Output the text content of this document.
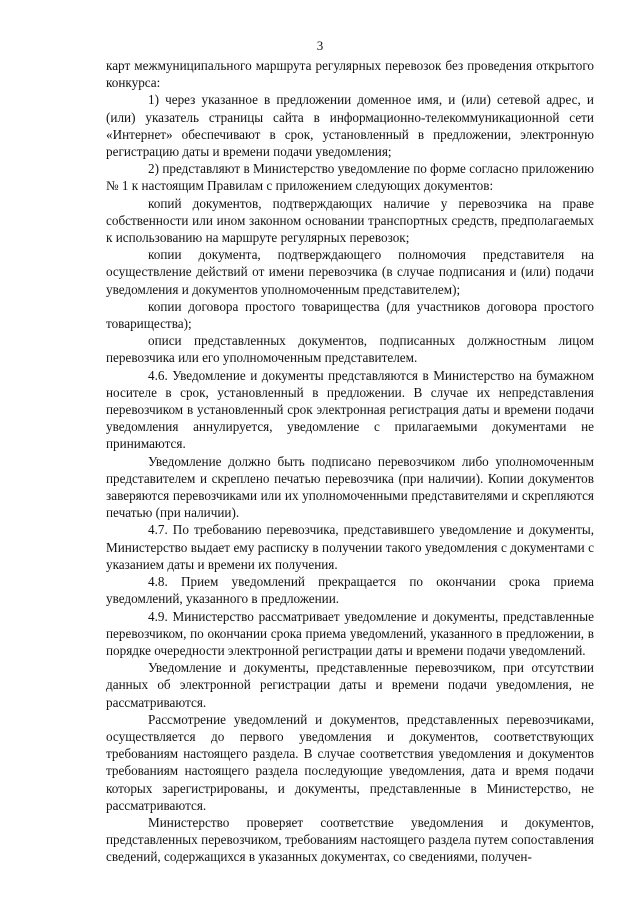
3

карт межмуниципального маршрута регулярных перевозок без проведения открытого конкурса:

1) через указанное в предложении доменное имя, и (или) сетевой адрес, и (или) указатель страницы сайта в информационно-телекоммуникационной сети «Интернет» обеспечивают в срок, установленный в предложении, электронную регистрацию даты и времени подачи уведомления;

2) представляют в Министерство уведомление по форме согласно приложению № 1 к настоящим Правилам с приложением следующих документов:

копий документов, подтверждающих наличие у перевозчика на праве собственности или ином законном основании транспортных средств, предполагаемых к использованию на маршруте регулярных перевозок;

копии документа, подтверждающего полномочия представителя на осуществление действий от имени перевозчика (в случае подписания и (или) подачи уведомления и документов уполномоченным представителем);

копии договора простого товарищества (для участников договора простого товарищества);

описи представленных документов, подписанных должностным лицом перевозчика или его уполномоченным представителем.

4.6. Уведомление и документы представляются в Министерство на бумажном носителе в срок, установленный в предложении. В случае их непредставления перевозчиком в установленный срок электронная регистрация даты и времени подачи уведомления аннулируется, уведомление с прилагаемыми документами не принимаются.

Уведомление должно быть подписано перевозчиком либо уполномоченным представителем и скреплено печатью перевозчика (при наличии). Копии документов заверяются перевозчиками или их уполномоченными представителями и скрепляются печатью (при наличии).

4.7. По требованию перевозчика, представившего уведомление и документы, Министерство выдает ему расписку в получении такого уведомления с документами с указанием даты и времени их получения.

4.8. Прием уведомлений прекращается по окончании срока приема уведомлений, указанного в предложении.

4.9. Министерство рассматривает уведомление и документы, представленные перевозчиком, по окончании срока приема уведомлений, указанного в предложении, в порядке очередности электронной регистрации даты и времени подачи уведомлений.

Уведомление и документы, представленные перевозчиком, при отсутствии данных об электронной регистрации даты и времени подачи уведомления, не рассматриваются.

Рассмотрение уведомлений и документов, представленных перевозчиками, осуществляется до первого уведомления и документов, соответствующих требованиям настоящего раздела. В случае соответствия уведомления и документов требованиям настоящего раздела последующие уведомления, дата и время подачи которых зарегистрированы, и документы, представленные в Министерство, не рассматриваются.

Министерство проверяет соответствие уведомления и документов, представленных перевозчиком, требованиям настоящего раздела путем сопоставления сведений, содержащихся в указанных документах, со сведениями, получен-
